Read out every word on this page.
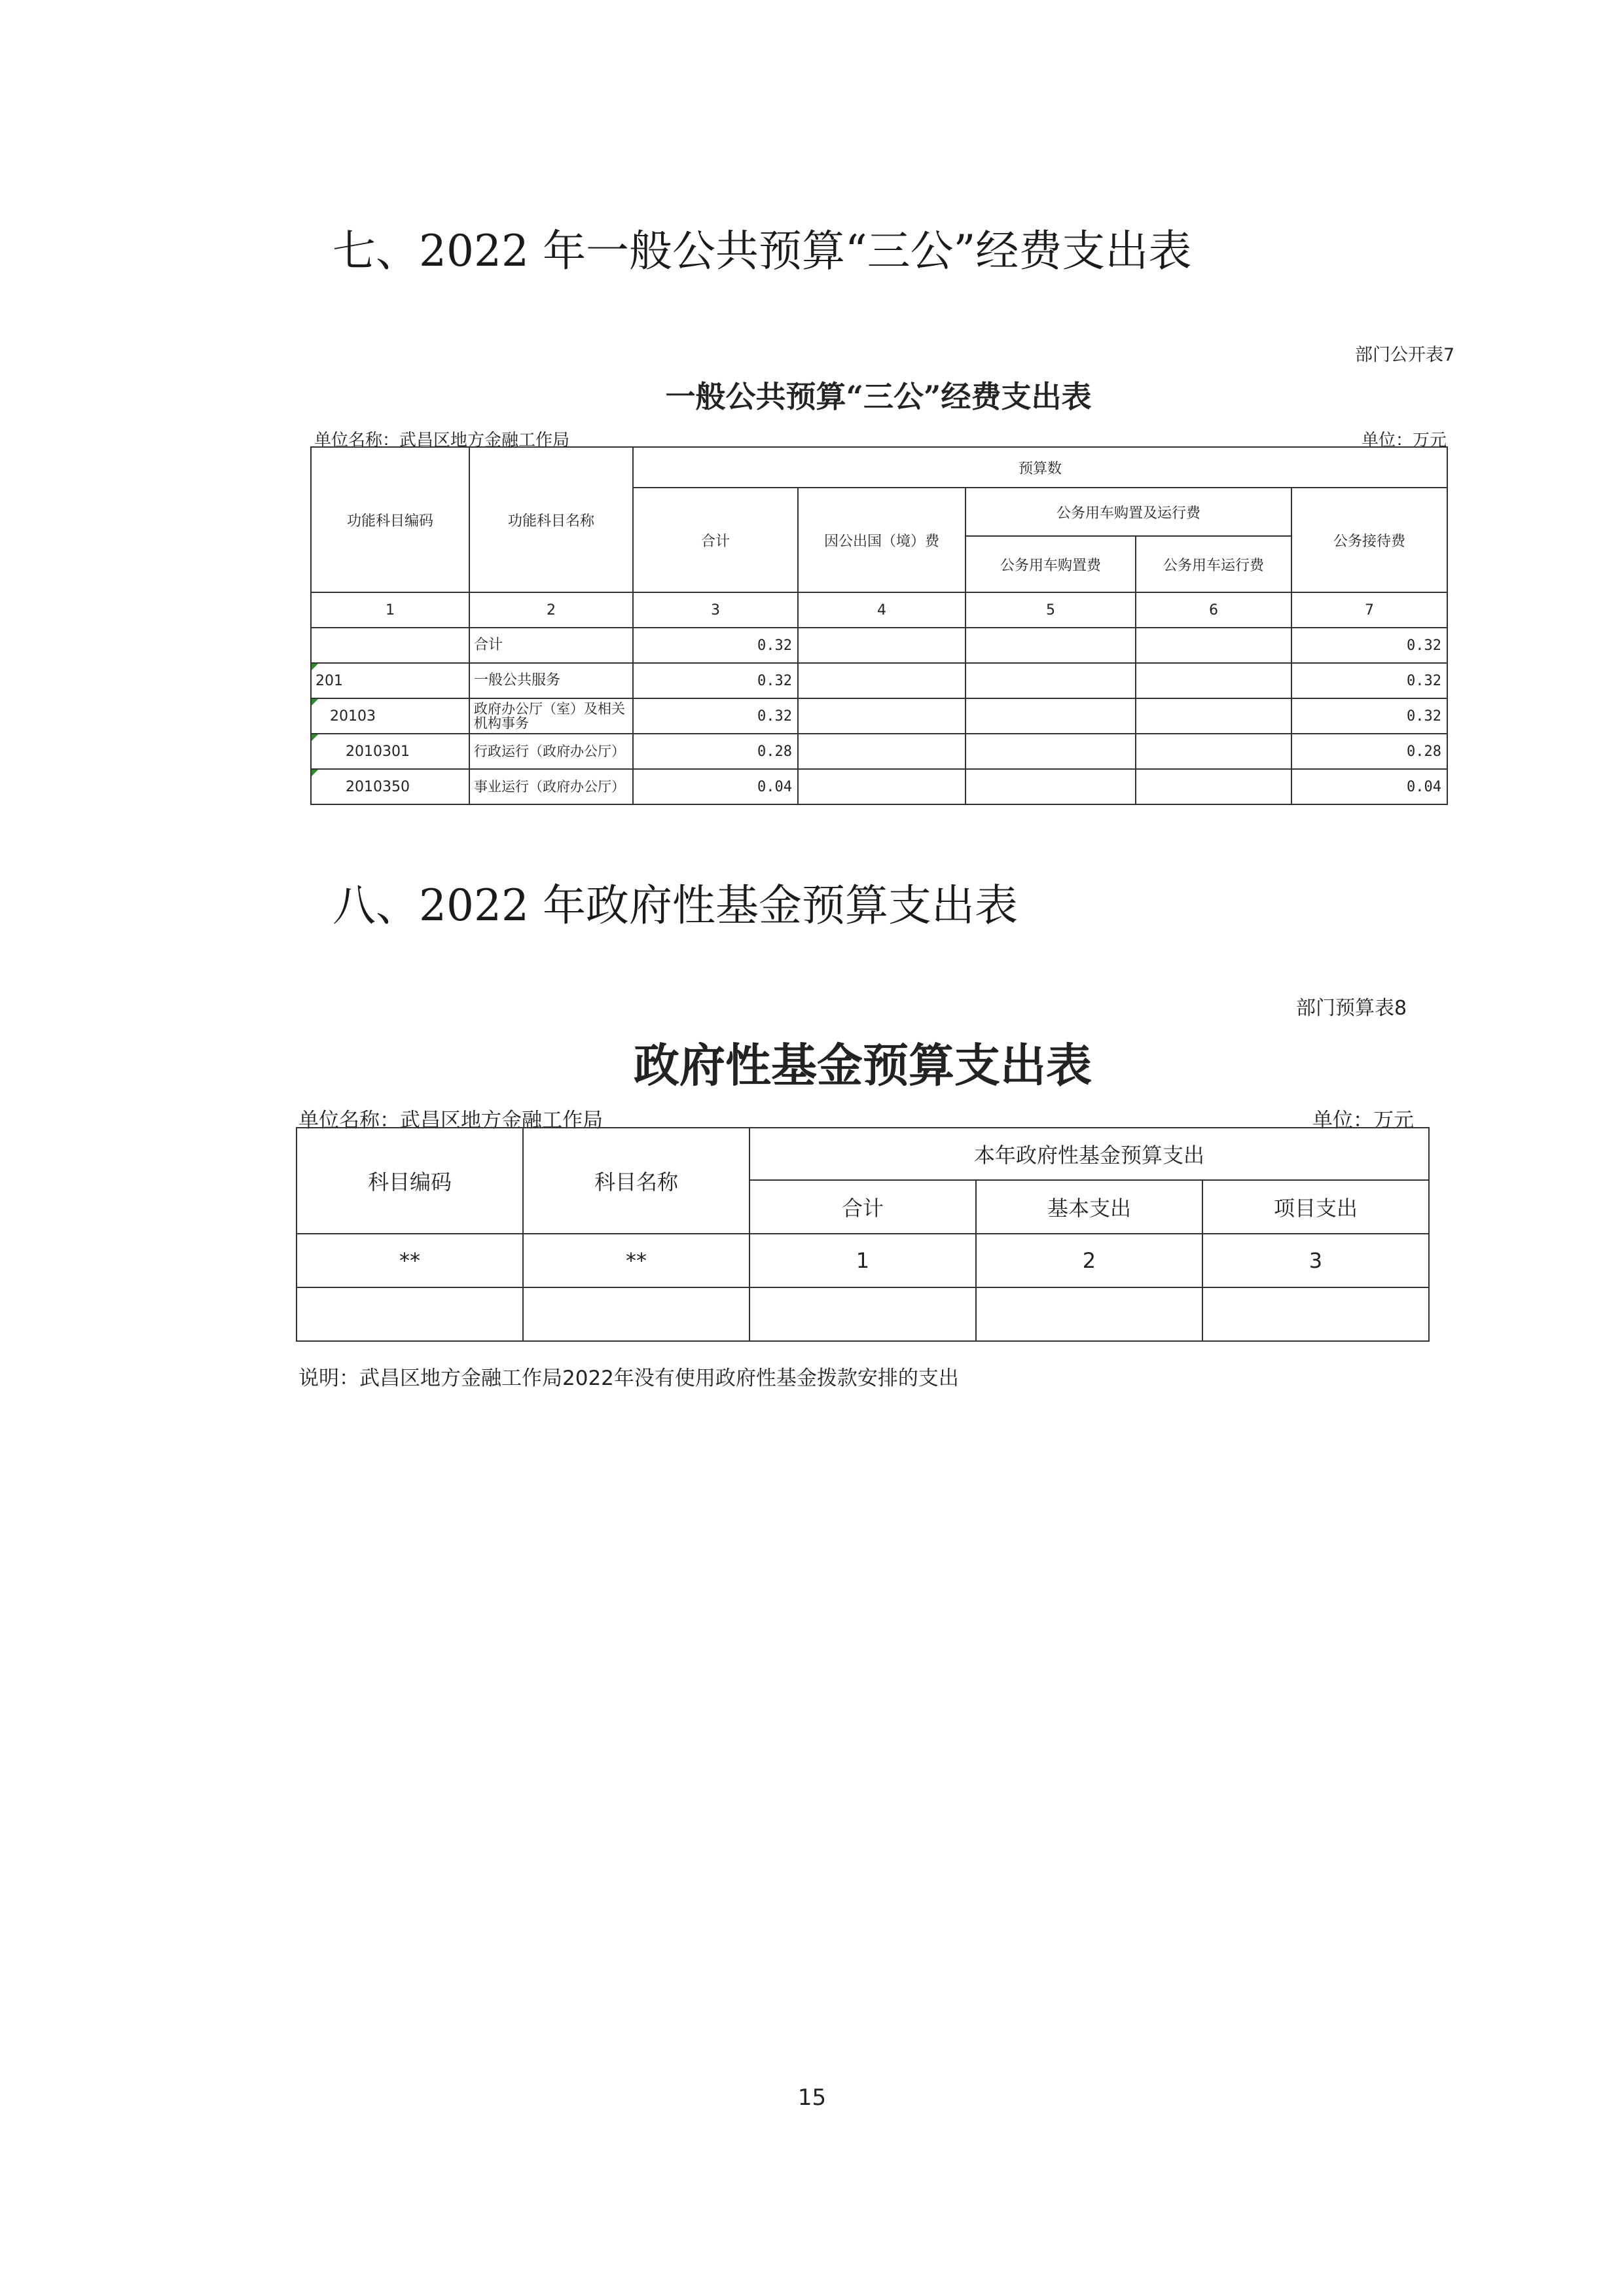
七、2022 年一般公共预算“三公”经费支出表
部门公开表7
一般公共预算“三公”经费支出表
单位名称：武昌区地方金融工作局	单位：万元
功能科目编码	功能科目名称	预算数				
		合计	因公出国（境）费	公务用车购置及运行费		公务接待费
				公务用车购置费	公务用车运行费	
1	2	3	4	5	6	7
	合计	0.32				0.32
201	一般公共服务	0.32				0.32
20103	政府办公厅（室）及相关机构事务	0.32				0.32
2010301	行政运行（政府办公厅）	0.28				0.28
2010350	事业运行（政府办公厅）	0.04				0.04
八、2022 年政府性基金预算支出表
部门预算表8
政府性基金预算支出表
单位名称：武昌区地方金融工作局	单位：万元
科目编码	科目名称	本年政府性基金预算支出		
		合计	基本支出	项目支出
**	**	1	2	3

说明：武昌区地方金融工作局2022年没有使用政府性基金拨款安排的支出
15
